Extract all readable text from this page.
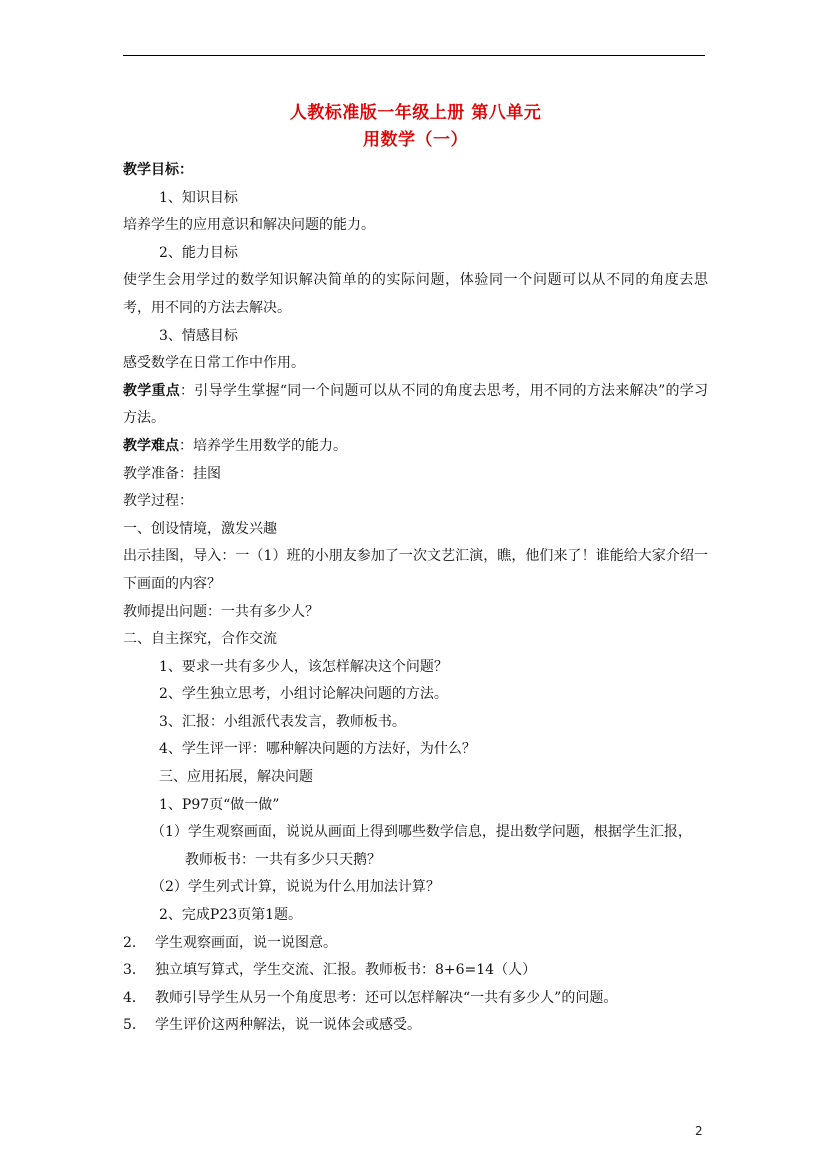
人教标准版一年级上册 第八单元
用数学（一）
教学目标：
1、知识目标
培养学生的应用意识和解决问题的能力。
2、能力目标
使学生会用学过的数学知识解决简单的的实际问题，体验同一个问题可以从不同的角度去思考，用不同的方法去解决。
3、情感目标
感受数学在日常工作中作用。
教学重点：引导学生掌握“同一个问题可以从不同的角度去思考，用不同的方法来解决”的学习方法。
教学难点：培养学生用数学的能力。
教学准备：挂图
教学过程：
一、创设情境，激发兴趣
出示挂图，导入：一（1）班的小朋友参加了一次文艺汇演，瞧，他们来了！谁能给大家介绍一下画面的内容？
教师提出问题：一共有多少人？
二、自主探究，合作交流
1、要求一共有多少人，该怎样解决这个问题？
2、学生独立思考，小组讨论解决问题的方法。
3、汇报：小组派代表发言，教师板书。
4、学生评一评：哪种解决问题的方法好，为什么？
三、应用拓展，解决问题
1、P97页“做一做”
（1）学生观察画面，说说从画面上得到哪些数学信息，提出数学问题，根据学生汇报，
教师板书：一共有多少只天鹅？
（2）学生列式计算，说说为什么用加法计算？
2、完成P23页第1题。
2． 学生观察画面，说一说图意。
3． 独立填写算式，学生交流、汇报。教师板书：8+6=14（人）
4． 教师引导学生从另一个角度思考：还可以怎样解决“一共有多少人”的问题。
5． 学生评价这两种解法，说一说体会或感受。
2
